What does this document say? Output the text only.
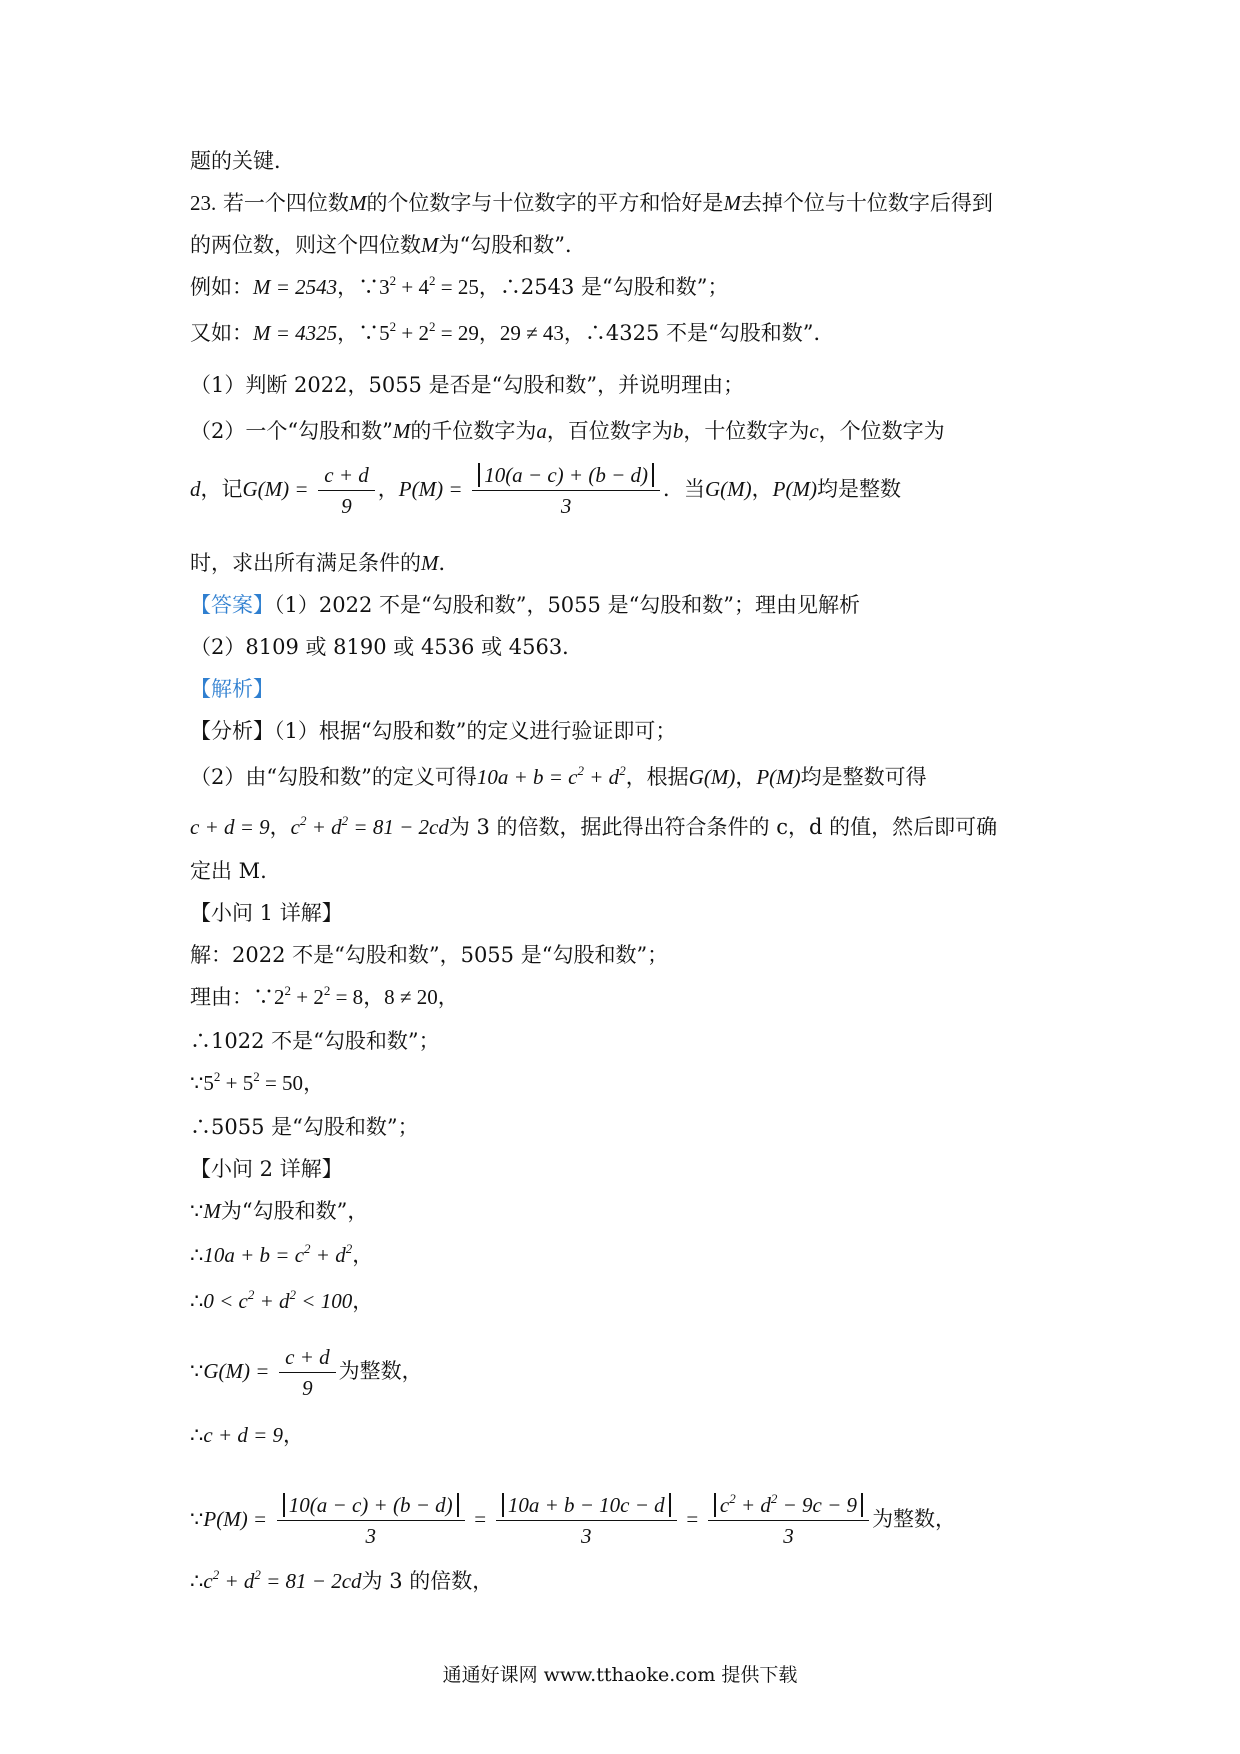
题的关键．
23. 若一个四位数M的个位数字与十位数字的平方和恰好是M去掉个位与十位数字后得到
的两位数，则这个四位数M为“勾股和数”．
例如：M = 2543，$\because 3^2 + 4^2 = 25$，∴2543 是“勾股和数”；
又如：M = 4325，$\because 5^2 + 2^2 = 29$，29 ≠ 43，∴4325 不是“勾股和数”．
（1）判断 2022，5055 是否是“勾股和数”，并说明理由；
（2）一个“勾股和数”M的千位数字为a，百位数字为b，十位数字为c，个位数字为
d，记$G(M) = \frac{c + d}{9}$ ，$P(M) = \frac{10(a - c) + (b - d)}{3}$ ．当G(M)，P(M)均是整数
时，求出所有满足条件的M．
【答案】（1）2022 不是“勾股和数”，5055 是“勾股和数”；理由见解析
（2）8109 或 8190 或 4536 或 4563．
【解析】
【分析】（1）根据“勾股和数”的定义进行验证即可；
（2）由“勾股和数”的定义可得$10a + b = c^2 + d^2$，根据G(M)，P(M)均是整数可得
c + d = 9，$c^2 + d^2 = 81 - 2cd$为 3 的倍数，据此得出符合条件的 c，d 的值，然后即可确
定出 M.
【小问 1 详解】
解：2022 不是“勾股和数”，5055 是“勾股和数”；
理由：$\because 2^2 + 2^2 = 8$，8 ≠ 20，
∴1022 不是“勾股和数”；
$\because 5^2 + 5^2 = 50$，
∴5055 是“勾股和数”；
【小问 2 详解】
∵M为“勾股和数”，
∴10a + $b = c^2 + d^2$，
∴0 < $c^2 + d^2 < 100$，
∵G(M) = $\frac{c + d}{9}$ 为整数，
∴c + d = 9，
∵P(M) = $\frac{10(a - c) + (b - d)}{3} = \frac{10a + b - 10c - d}{3} = \frac{c^2 + d^2 - 9c - 9}{3}$ 为整数，
$\therefore c^2 + d^2 = 81 - 2cd$为 3 的倍数，
通通好课网 www.tthaoke.com 提供下载
